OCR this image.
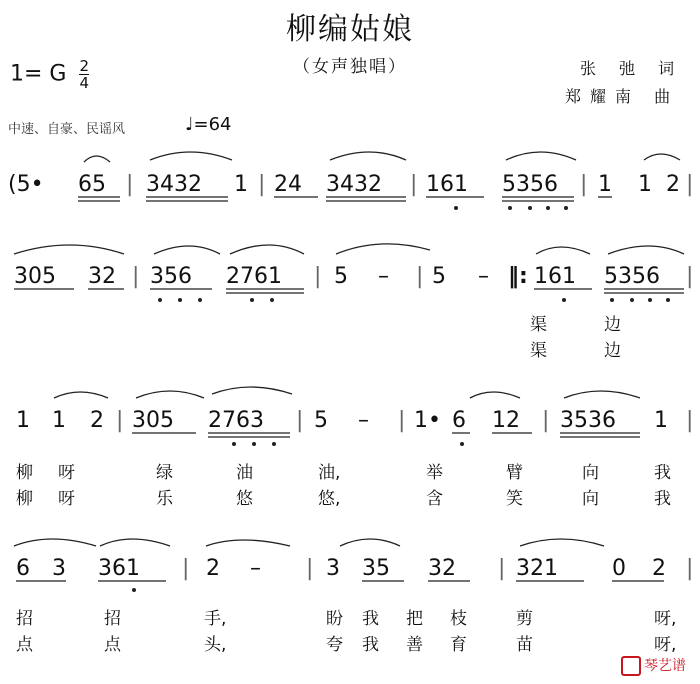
柳编姑娘
（女声独唱）
1= G $\frac{2}{4}$	张 弛 词
郑耀南 曲
中速、自豪、民谣风	♩=64
(5• 65 | 3432 1 | 24 3432 | 161 5356 | 1 1 2 |
305 32 | 356 2761 | 5 – | 5 – ‖: 161 5356 |
渠	边
渠	边
1 1 2 | 305 2763 | 5 – | 1• 6 12 | 3536 1 |
柳 呀	绿	油	油,	举	臂	向	我
柳 呀	乐	悠	悠,	含	笑	向	我
6 3 361 | 2 – | 3 35 32 | 321 0 2 |
招	招	手,	盼 我 把 枝	剪	呀,
点	点	头,	夸 我 善 育	苗	呀,
琴艺谱
